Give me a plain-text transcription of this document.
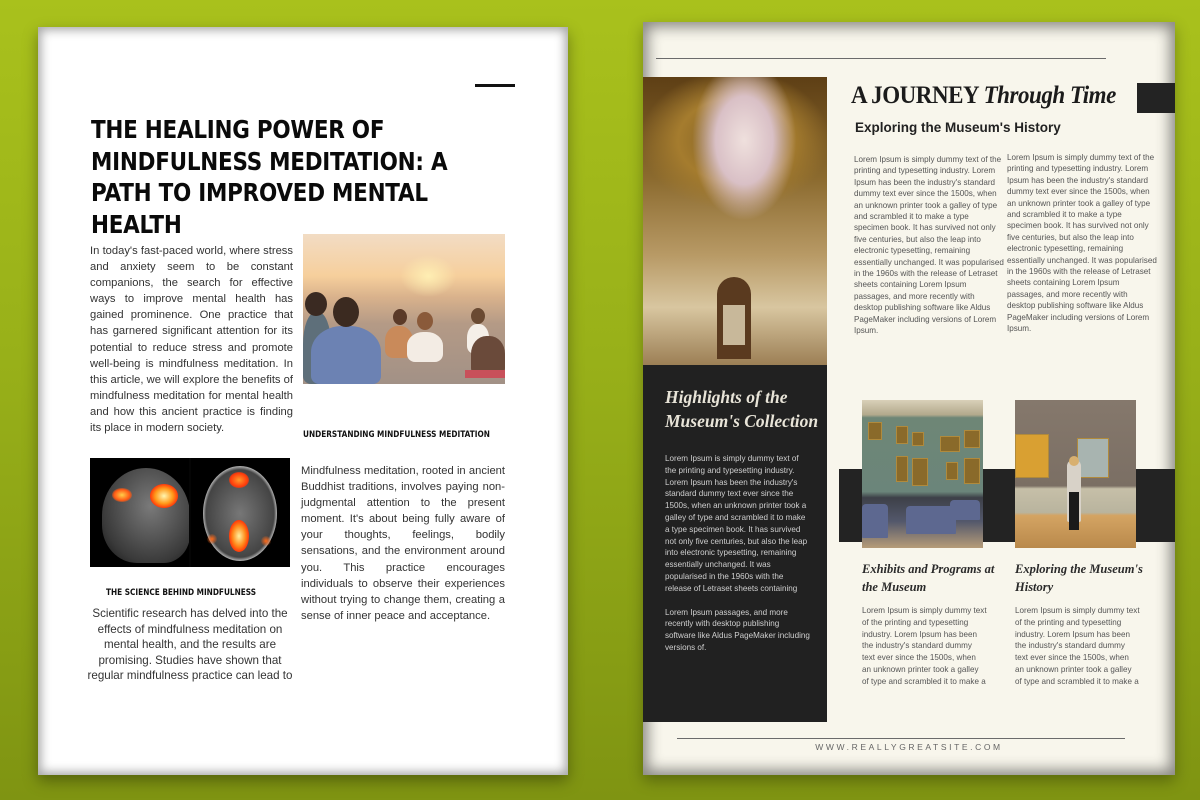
THE HEALING POWER OF MINDFULNESS MEDITATION: A PATH TO IMPROVED MENTAL HEALTH

In today's fast-paced world, where stress and anxiety seem to be constant companions, the search for effective ways to improve mental health has gained prominence. One practice that has garnered significant attention for its potential to reduce stress and promote well-being is mindfulness meditation. In this article, we will explore the benefits of mindfulness meditation for mental health and how this ancient practice is finding its place in modern society.

UNDERSTANDING MINDFULNESS MEDITATION

Mindfulness meditation, rooted in ancient Buddhist traditions, involves paying non-judgmental attention to the present moment. It's about being fully aware of your thoughts, feelings, bodily sensations, and the environment around you. This practice encourages individuals to observe their experiences without trying to change them, creating a sense of inner peace and acceptance.

THE SCIENCE BEHIND MINDFULNESS

Scientific research has delved into the effects of mindfulness meditation on mental health, and the results are promising. Studies have shown that regular mindfulness practice can lead to

A JOURNEY Through Time
Exploring the Museum's History

Lorem Ipsum is simply dummy text of the printing and typesetting industry. Lorem Ipsum has been the industry's standard dummy text ever since the 1500s, when an unknown printer took a galley of type and scrambled it to make a type specimen book. It has survived not only five centuries, but also the leap into electronic typesetting, remaining essentially unchanged. It was popularised in the 1960s with the release of Letraset sheets containing Lorem Ipsum passages, and more recently with desktop publishing software like Aldus PageMaker including versions of Lorem Ipsum.

Lorem Ipsum is simply dummy text of the printing and typesetting industry. Lorem Ipsum has been the industry's standard dummy text ever since the 1500s, when an unknown printer took a galley of type and scrambled it to make a type specimen book. It has survived not only five centuries, but also the leap into electronic typesetting, remaining essentially unchanged. It was popularised in the 1960s with the release of Letraset sheets containing Lorem Ipsum passages, and more recently with desktop publishing software like Aldus PageMaker including versions of Lorem Ipsum.

Highlights of the Museum's Collection

Lorem Ipsum is simply dummy text of the printing and typesetting industry. Lorem Ipsum has been the industry's standard dummy text ever since the 1500s, when an unknown printer took a galley of type and scrambled it to make a type specimen book. It has survived not only five centuries, but also the leap into electronic typesetting, remaining essentially unchanged. It was popularised in the 1960s with the release of Letraset sheets containing

Lorem Ipsum passages, and more recently with desktop publishing software like Aldus PageMaker including versions of.

Exhibits and Programs at the Museum
Exploring the Museum's History

Lorem Ipsum is simply dummy text of the printing and typesetting industry. Lorem Ipsum has been the industry's standard dummy text ever since the 1500s, when an unknown printer took a galley of type and scrambled it to make a

Lorem Ipsum is simply dummy text of the printing and typesetting industry. Lorem Ipsum has been the industry's standard dummy text ever since the 1500s, when an unknown printer took a galley of type and scrambled it to make a

WWW.REALLYGREATSITE.COM
